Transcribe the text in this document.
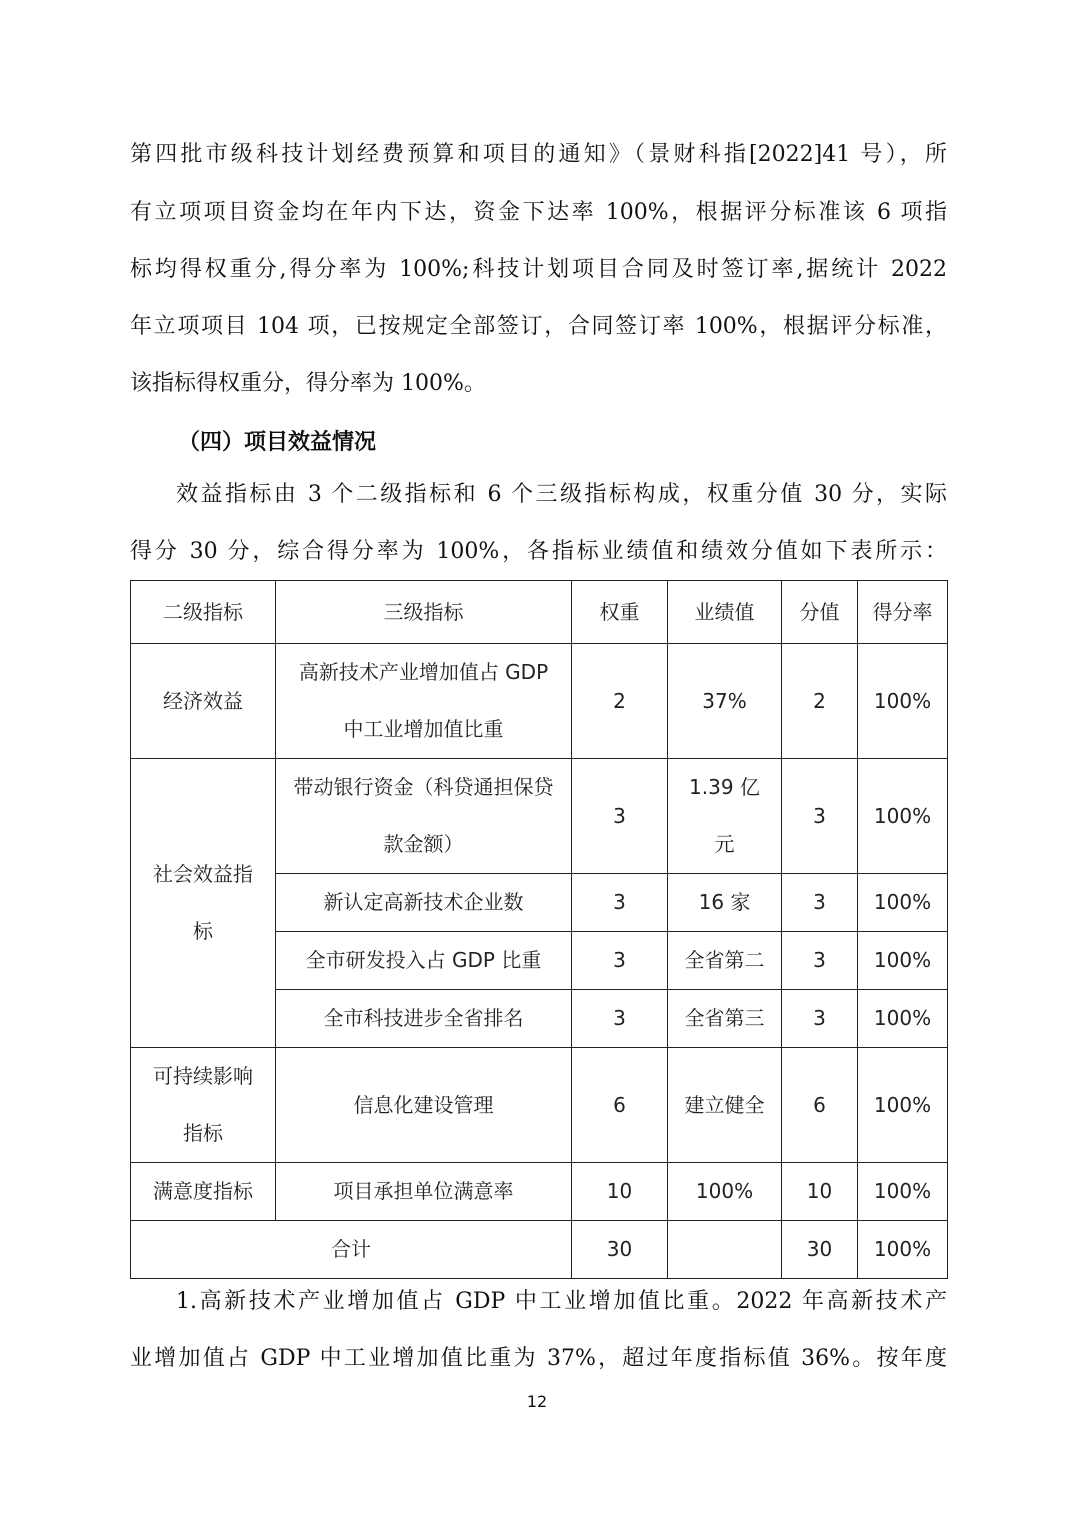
第四批市级科技计划经费预算和项目的通知》（景财科指[2022]41 号），所
有立项项目资金均在年内下达，资金下达率 100%，根据评分标准该 6 项指
标均得权重分,得分率为 100%;科技计划项目合同及时签订率,据统计 2022
年立项项目 104 项，已按规定全部签订，合同签订率 100%，根据评分标准，
该指标得权重分，得分率为 100%。
（四）项目效益情况
效益指标由 3 个二级指标和 6 个三级指标构成，权重分值 30 分，实际
得分 30 分，综合得分率为 100%，各指标业绩值和绩效分值如下表所示：
二级指标	三级指标	权重	业绩值	分值	得分率
经济效益	高新技术产业增加值占 GDP 中工业增加值比重	2	37%	2	100%
社会效益指标	带动银行资金（科贷通担保贷款金额）	3	1.39 亿元	3	100%
	新认定高新技术企业数	3	16 家	3	100%
	全市研发投入占 GDP 比重	3	全省第二	3	100%
	全市科技进步全省排名	3	全省第三	3	100%
可持续影响指标	信息化建设管理	6	建立健全	6	100%
满意度指标	项目承担单位满意率	10	100%	10	100%
合计		30		30	100%
1.高新技术产业增加值占 GDP 中工业增加值比重。2022 年高新技术产
业增加值占 GDP 中工业增加值比重为 37%，超过年度指标值 36%。按年度
12
